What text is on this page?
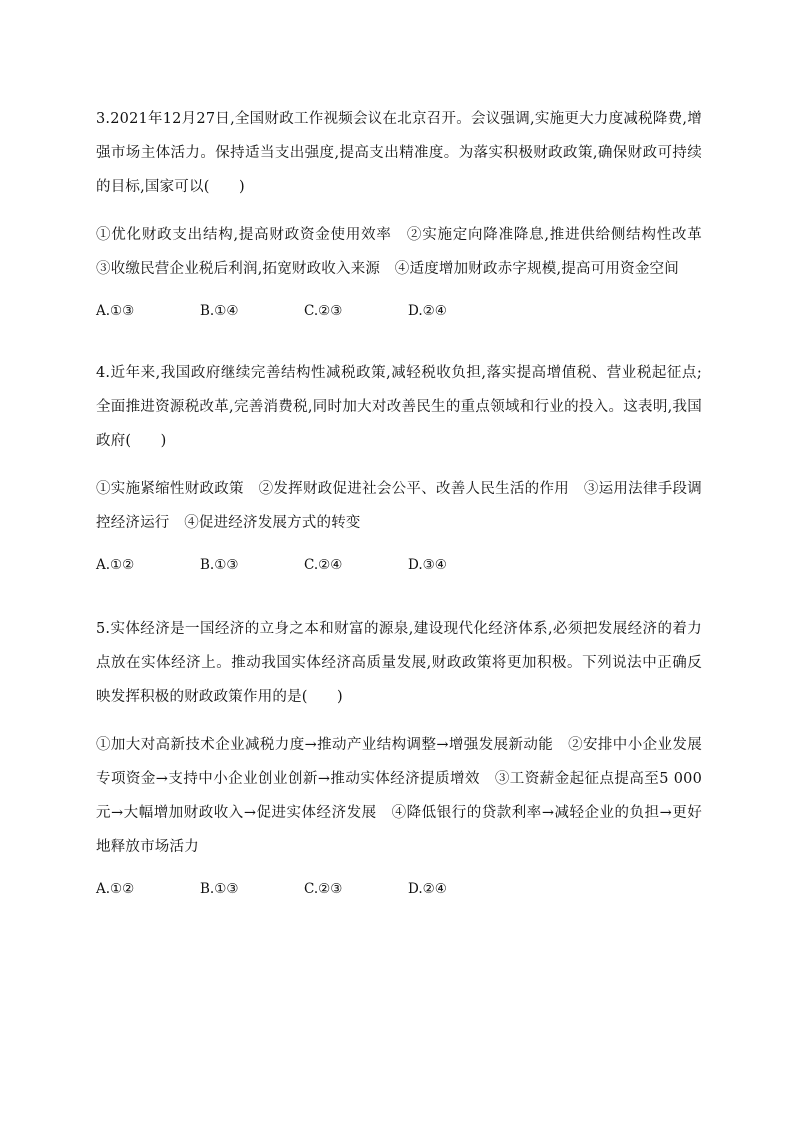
3.2021年12月27日,全国财政工作视频会议在北京召开。会议强调,实施更大力度减税降费,增强市场主体活力。保持适当支出强度,提高支出精准度。为落实积极财政政策,确保财政可持续的目标,国家可以(　　)

①优化财政支出结构,提高财政资金使用效率　②实施定向降准降息,推进供给侧结构性改革　③收缴民营企业税后利润,拓宽财政收入来源　④适度增加财政赤字规模,提高可用资金空间

A.①③	B.①④	C.②③	D.②④

4.近年来,我国政府继续完善结构性减税政策,减轻税收负担,落实提高增值税、营业税起征点;全面推进资源税改革,完善消费税,同时加大对改善民生的重点领域和行业的投入。这表明,我国政府(　　)

①实施紧缩性财政政策　②发挥财政促进社会公平、改善人民生活的作用　③运用法律手段调控经济运行　④促进经济发展方式的转变

A.①②	B.①③	C.②④	D.③④

5.实体经济是一国经济的立身之本和财富的源泉,建设现代化经济体系,必须把发展经济的着力点放在实体经济上。推动我国实体经济高质量发展,财政政策将更加积极。下列说法中正确反映发挥积极的财政政策作用的是(　　)

①加大对高新技术企业减税力度→推动产业结构调整→增强发展新动能　②安排中小企业发展专项资金→支持中小企业创业创新→推动实体经济提质增效　③工资薪金起征点提高至5 000元→大幅增加财政收入→促进实体经济发展　④降低银行的贷款利率→减轻企业的负担→更好地释放市场活力

A.①②	B.①③	C.②③	D.②④
